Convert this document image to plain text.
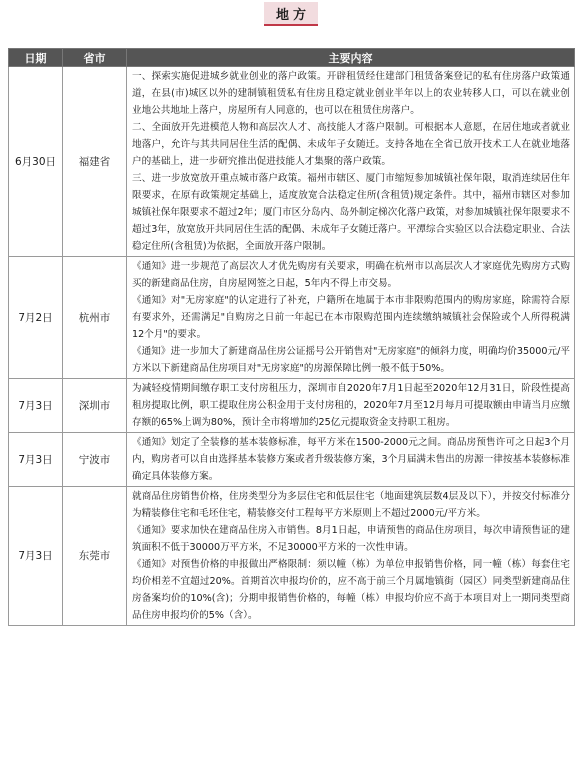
地方
日期	省市	主要内容
6月30日	福建省	一、探索实施促进城乡就业创业的落户政策。开辟租赁经住建部门租赁备案登记的私有住房落户政策通道，在县(市)城区以外的建制镇租赁私有住房且稳定就业创业半年以上的农业转移人口，可以在就业创业地公共地址上落户，房屋所有人同意的，也可以在租赁住房落户。
二、全面放开先进模范人物和高层次人才、高技能人才落户限制。可根据本人意愿，在居住地或者就业地落户，允许与其共同居住生活的配偶、未成年子女随迁。支持各地在全省已放开技术工人在就业地落户的基础上，进一步研究推出促进技能人才集聚的落户政策。
三、进一步放宽放开重点城市落户政策。福州市辖区、厦门市缩短参加城镇社保年限，取消连续居住年限要求，在原有政策规定基础上，适度放宽合法稳定住所(含租赁)规定条件。其中，福州市辖区对参加城镇社保年限要求不超过2年；厦门市区分岛内、岛外制定梯次化落户政策，对参加城镇社保年限要求不超过3年，放宽放开共同居住生活的配偶、未成年子女随迁落户。平潭综合实验区以合法稳定职业、合法稳定住所(含租赁)为依据，全面放开落户限制。

7月2日	杭州市	《通知》进一步规范了高层次人才优先购房有关要求，明确在杭州市以高层次人才家庭优先购房方式购买的新建商品住房，自房屋网签之日起，5年内不得上市交易。
《通知》对"无房家庭"的认定进行了补充，户籍所在地属于本市非限购范围内的购房家庭，除需符合原有要求外，还需满足"自购房之日前一年起已在本市限购范围内连续缴纳城镇社会保险或个人所得税满12个月"的要求。
《通知》进一步加大了新建商品住房公证摇号公开销售对"无房家庭"的倾斜力度，明确均价35000元/平方米以下新建商品住房项目对"无房家庭"的房源保障比例一般不低于50%。

7月3日	深圳市	为减轻疫情期间缴存职工支付房租压力，深圳市自2020年7月1日起至2020年12月31日，阶段性提高租房提取比例，职工提取住房公积金用于支付房租的，2020年7月至12月每月可提取额由申请当月应缴存额的65%上调为80%，预计全市将增加约25亿元提取资金支持职工租房。

7月3日	宁波市	《通知》划定了全装修的基本装修标准，每平方米在1500-2000元之间。商品房预售许可之日起3个月内，购房者可以自由选择基本装修方案或者升级装修方案，3个月届满未售出的房源一律按基本装修标准确定具体装修方案。

7月3日	东莞市	就商品住房销售价格，住房类型分为多层住宅和低层住宅（地面建筑层数4层及以下），并按交付标准分为精装修住宅和毛坯住宅，精装修交付工程每平方米原则上不超过2000元/平方米。
《通知》要求加快在建商品住房入市销售。8月1日起，申请预售的商品住房项目，每次申请预售证的建筑面积不低于30000万平方米，不足30000平方米的一次性申请。
《通知》对预售价格的申报做出严格限制：须以幢（栋）为单位申报销售价格，同一幢（栋）每套住宅均价相差不宜超过20%。首期首次申报均价的，应不高于前三个月属地镇街（园区）同类型新建商品住房备案均价的10%(含)；分期申报销售价格的，每幢（栋）申报均价应不高于本项目对上一期同类型商品住房申报均价的5%（含）。
